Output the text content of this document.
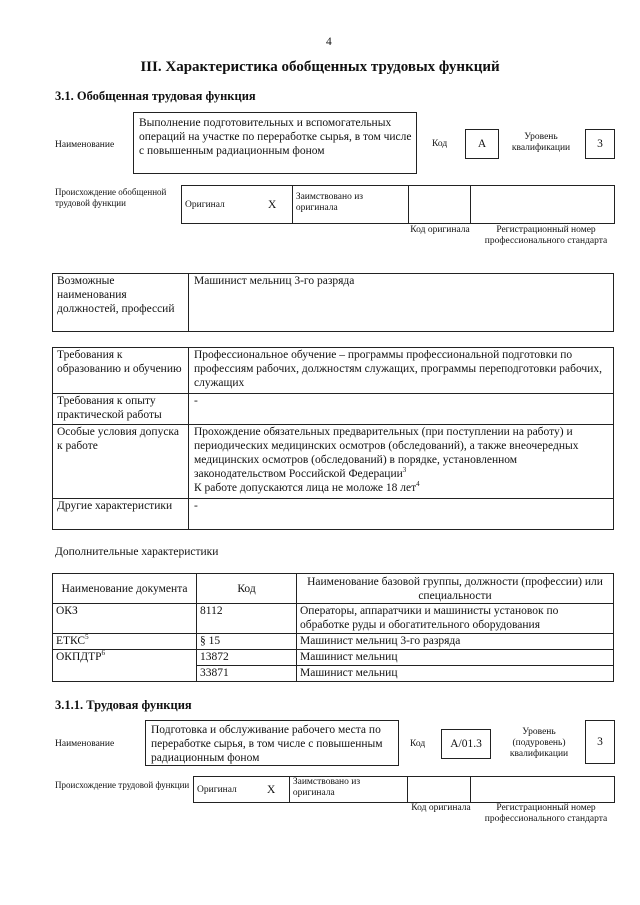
4
III. Характеристика обобщенных трудовых функций
3.1. Обобщенная трудовая функция
Наименование
Выполнение подготовительных и вспомогательных операций на участке по переработке сырья, в том числе с повышенным радиационным фоном
Код	А
Уровень квалификации	3
Происхождение обобщенной трудовой функции	Оригинал	X	Заимствовано из оригинала		
Код оригинала	Регистрационный номер профессионального стандарта
Возможные наименования должностей, профессий	Машинист мельниц 3-го разряда
Требования к образованию и обучению	Профессиональное обучение – программы профессиональной подготовки по профессиям рабочих, должностям служащих, программы переподготовки рабочих, служащих
Требования к опыту практической работы	-
Особые условия допуска к работе	Прохождение обязательных предварительных (при поступлении на работу) и периодических медицинских осмотров (обследований), а также внеочередных медицинских осмотров (обследований) в порядке, установленном законодательством Российской Федерации$^3$
К работе допускаются лица не моложе 18 лет$^4$
Другие характеристики	-
Дополнительные характеристики
Наименование документа	Код	Наименование базовой группы, должности (профессии) или специальности
ОКЗ	8112	Операторы, аппаратчики и машинисты установок по обработке руды и обогатительного оборудования
ЕТКС$^5$	§ 15	Машинист мельниц 3-го разряда
ОКПДТР$^6$	13872	Машинист мельниц
	33871	Машинист мельниц
3.1.1. Трудовая функция
Наименование
Подготовка и обслуживание рабочего места по переработке сырья, в том числе с повышенным радиационным фоном
Код	А/01.3
Уровень (подуровень) квалификации
3
Происхождение трудовой функции Оригинал	X	Заимствовано из оригинала		
Код оригинала	Регистрационный номер профессионального стандарта
